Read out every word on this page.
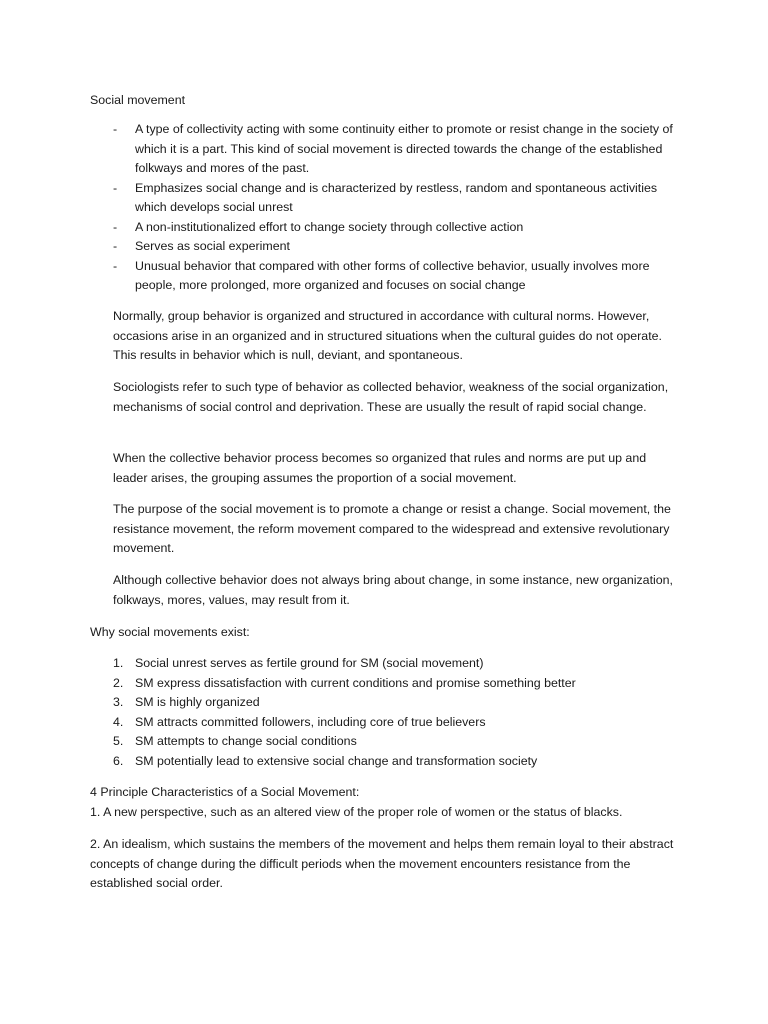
Social movement
- A type of collectivity acting with some continuity either to promote or resist change in the society of which it is a part. This kind of social movement is directed towards the change of the established folkways and mores of the past.
- Emphasizes social change and is characterized by restless, random and spontaneous activities which develops social unrest
- A non-institutionalized effort to change society through collective action
- Serves as social experiment
- Unusual behavior that compared with other forms of collective behavior, usually involves more people, more prolonged, more organized and focuses on social change

Normally, group behavior is organized and structured in accordance with cultural norms. However, occasions arise in an organized and in structured situations when the cultural guides do not operate. This results in behavior which is null, deviant, and spontaneous.

Sociologists refer to such type of behavior as collected behavior, weakness of the social organization, mechanisms of social control and deprivation. These are usually the result of rapid social change.

When the collective behavior process becomes so organized that rules and norms are put up and leader arises, the grouping assumes the proportion of a social movement.

The purpose of the social movement is to promote a change or resist a change. Social movement, the resistance movement, the reform movement compared to the widespread and extensive revolutionary movement.

Although collective behavior does not always bring about change, in some instance, new organization, folkways, mores, values, may result from it.

Why social movements exist:

1. Social unrest serves as fertile ground for SM (social movement)
2. SM express dissatisfaction with current conditions and promise something better
3. SM is highly organized
4. SM attracts committed followers, including core of true believers
5. SM attempts to change social conditions
6. SM potentially lead to extensive social change and transformation society

4 Principle Characteristics of a Social Movement:

1. A new perspective, such as an altered view of the proper role of women or the status of blacks.

2. An idealism, which sustains the members of the movement and helps them remain loyal to their abstract concepts of change during the difficult periods when the movement encounters resistance from the established social order.
